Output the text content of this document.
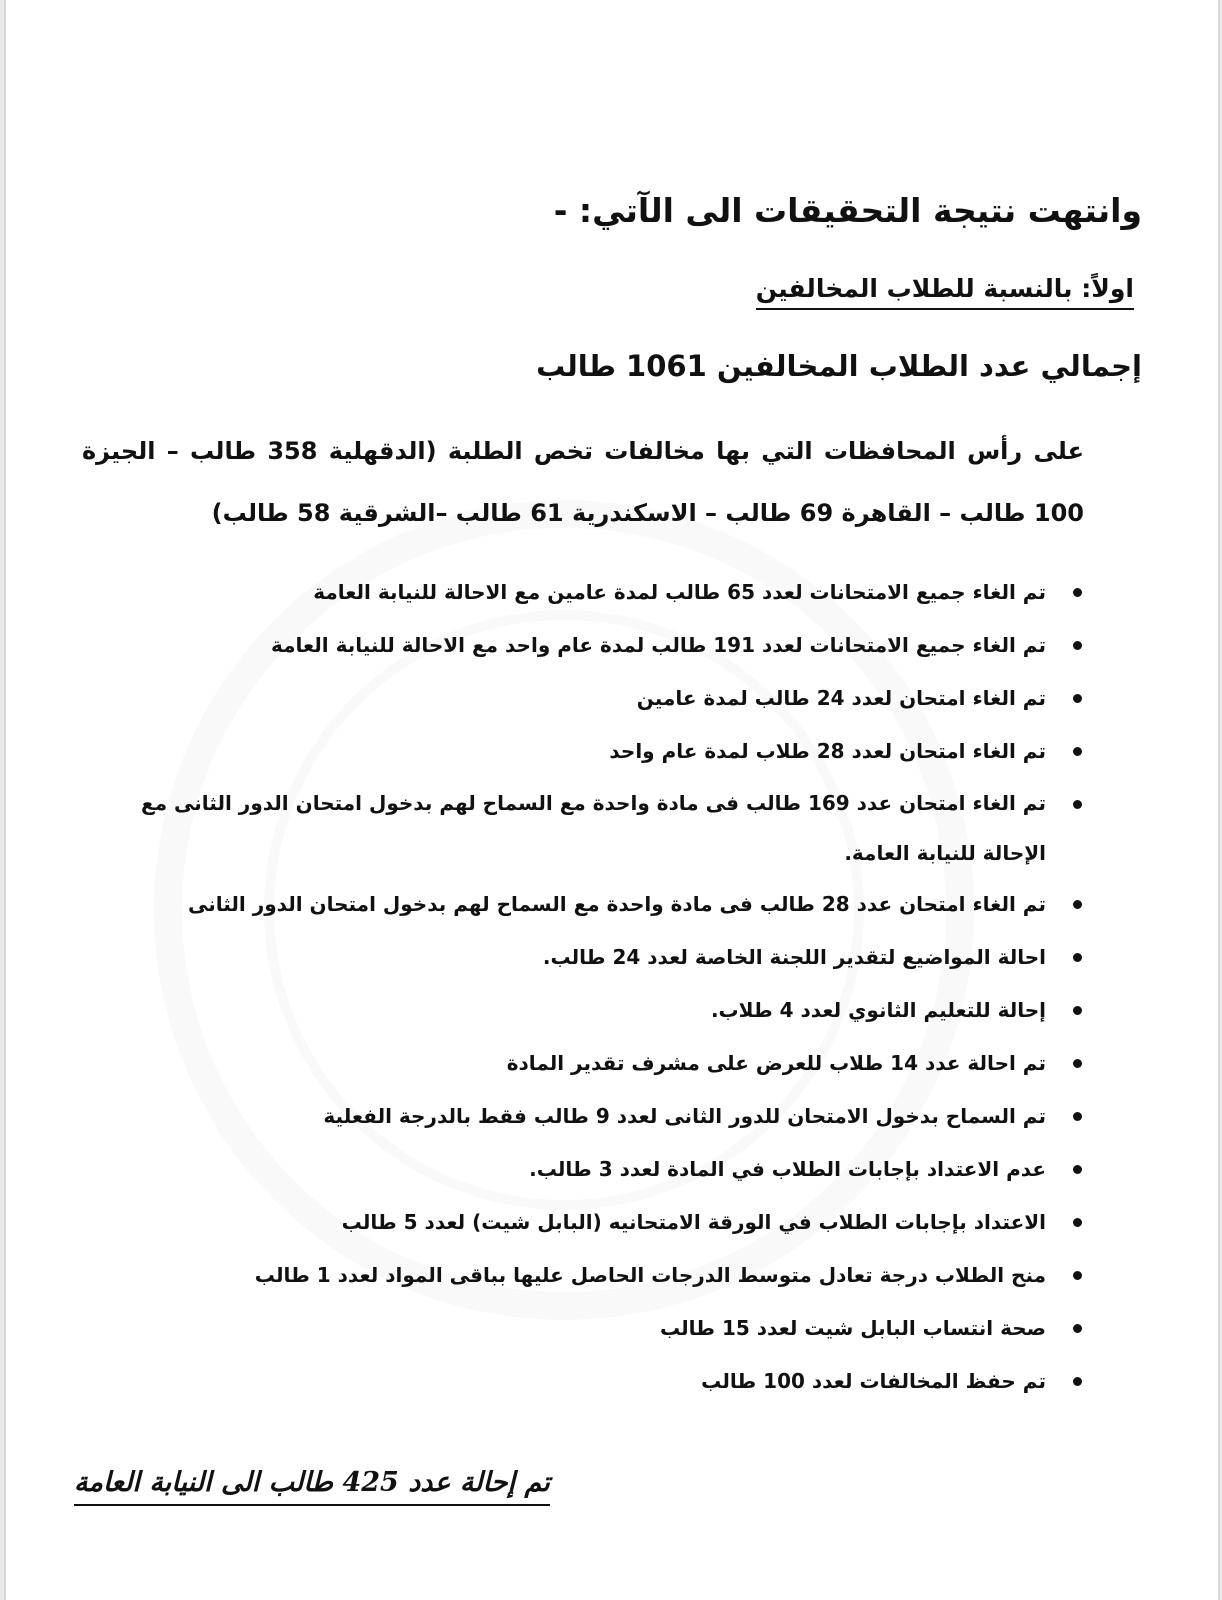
وانتهت نتيجة التحقيقات الى الآتي: -
اولاً: بالنسبة للطلاب المخالفين
إجمالي عدد الطلاب المخالفين 1061 طالب
على رأس المحافظات التي بها مخالفات تخص الطلبة (الدقهلية 358 طالب – الجيزة 100 طالب – القاهرة 69 طالب – الاسكندرية 61 طالب –الشرقية 58 طالب)
تم الغاء جميع الامتحانات لعدد 65 طالب لمدة عامين مع الاحالة للنيابة العامة
تم الغاء جميع الامتحانات لعدد 191 طالب لمدة عام واحد مع الاحالة للنيابة العامة
تم الغاء امتحان لعدد 24 طالب لمدة عامين
تم الغاء امتحان لعدد 28 طلاب لمدة عام واحد
تم الغاء امتحان عدد 169 طالب فى مادة واحدة مع السماح لهم بدخول امتحان الدور الثانى مع الإحالة للنيابة العامة.
تم الغاء امتحان عدد 28 طالب فى مادة واحدة مع السماح لهم بدخول امتحان الدور الثانى
احالة المواضيع لتقدير اللجنة الخاصة لعدد 24 طالب.
إحالة للتعليم الثانوي لعدد 4 طلاب.
تم احالة عدد 14 طلاب للعرض على مشرف تقدير المادة
تم السماح بدخول الامتحان للدور الثانى لعدد 9 طالب فقط بالدرجة الفعلية
عدم الاعتداد بإجابات الطلاب في المادة لعدد 3 طالب.
الاعتداد بإجابات الطلاب في الورقة الامتحانيه (البابل شيت) لعدد 5 طالب
منح الطلاب درجة تعادل متوسط الدرجات الحاصل عليها بباقى المواد لعدد 1 طالب
صحة انتساب البابل شيت لعدد 15 طالب
تم حفظ المخالفات لعدد 100 طالب
تم إحالة عدد 425 طالب الى النيابة العامة
